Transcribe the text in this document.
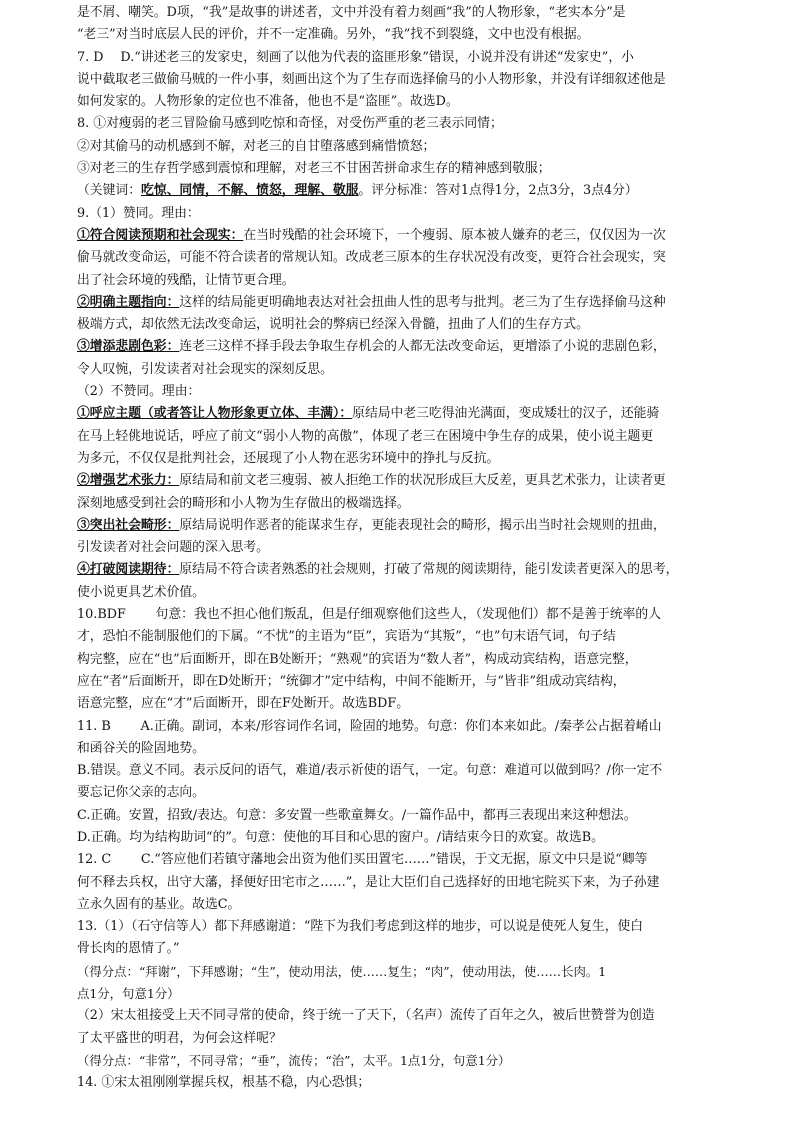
是不屑、嘲笑。D项，“我”是故事的讲述者，文中并没有着力刻画“我”的人物形象，“老实本分”是
“老三”对当时底层人民的评价，并不一定准确。另外，“我”找不到裂缝，文中也没有根据。
7. D　 D.“讲述老三的发家史，刻画了以他为代表的盗匪形象”错误，小说并没有讲述“发家史”，小
说中截取老三做偷马贼的一件小事，刻画出这个为了生存而选择偷马的小人物形象，并没有详细叙述他是
如何发家的。人物形象的定位也不准备，他也不是“盗匪”。故选D。
8. ①对瘦弱的老三冒险偷马感到吃惊和奇怪，对受伤严重的老三表示同情；
②对其偷马的动机感到不解，对老三的自甘堕落感到痛惜愤怒；
③对老三的生存哲学感到震惊和理解，对老三不甘困苦拼命求生存的精神感到敬服；
（关键词：吃惊、同情，不解、愤怒，理解、敬服。评分标准：答对1点得1分，2点3分，3点4分）
9.（1）赞同。理由：
①符合阅读预期和社会现实：在当时残酷的社会环境下，一个瘦弱、原本被人嫌弃的老三，仅仅因为一次
偷马就改变命运，可能不符合读者的常规认知。改成老三原本的生存状况没有改变，更符合社会现实，突
出了社会环境的残酷，让情节更合理。
②明确主题指向：这样的结局能更明确地表达对社会扭曲人性的思考与批判。老三为了生存选择偷马这种
极端方式，却依然无法改变命运，说明社会的弊病已经深入骨髓，扭曲了人们的生存方式。
③增添悲剧色彩：连老三这样不择手段去争取生存机会的人都无法改变命运，更增添了小说的悲剧色彩，
令人叹惋，引发读者对社会现实的深刻反思。
（2）不赞同。理由：
①呼应主题（或者答让人物形象更立体、丰满）：原结局中老三吃得油光满面，变成矮壮的汉子，还能骑
在马上轻佻地说话，呼应了前文“弱小人物的高傲”，体现了老三在困境中争生存的成果，使小说主题更
为多元，不仅仅是批判社会，还展现了小人物在恶劣环境中的挣扎与反抗。
②增强艺术张力：原结局和前文老三瘦弱、被人拒绝工作的状况形成巨大反差，更具艺术张力，让读者更
深刻地感受到社会的畸形和小人物为生存做出的极端选择。
③突出社会畸形：原结局说明作恶者的能谋求生存，更能表现社会的畸形，揭示出当时社会规则的扭曲，
引发读者对社会问题的深入思考。
④打破阅读期待：原结局不符合读者熟悉的社会规则，打破了常规的阅读期待，能引发读者更深入的思考，
使小说更具艺术价值。
10.BDF　　 句意：我也不担心他们叛乱，但是仔细观察他们这些人，（发现他们）都不是善于统率的人
才，恐怕不能制服他们的下属。“不忧”的主语为“臣”，宾语为“其叛”，“也”句末语气词，句子结
构完整，应在“也”后面断开，即在B处断开；“熟观”的宾语为“数人者”，构成动宾结构，语意完整，
应在“者”后面断开，即在D处断开；“统御才”定中结构，中间不能断开，与“皆非”组成动宾结构，
语意完整，应在“才”后面断开，即在F处断开。故选BDF。
11. B　　 A.正确。副词，本来/形容词作名词，险固的地势。句意：你们本来如此。/秦孝公占据着崤山
和函谷关的险固地势。
B.错误。意义不同。表示反问的语气，难道/表示祈使的语气，一定。句意：难道可以做到吗？/你一定不
要忘记你父亲的志向。
C.正确。安置，招致/表达。句意：多安置一些歌童舞女。/一篇作品中，都再三表现出来这种想法。
D.正确。均为结构助词“的”。句意：使他的耳目和心思的窗户。/请结束今日的欢宴。故选B。
12. C　　 C.“答应他们若镇守藩地会出资为他们买田置宅……”错误，于文无据，原文中只是说“卿等
何不释去兵权，出守大藩，择便好田宅市之……”，是让大臣们自己选择好的田地宅院买下来，为子孙建
立永久固有的基业。故选C。
13.（1）（石守信等人）都下拜感谢道：“陛下为我们考虑到这样的地步，可以说是使死人复生，使白
骨长肉的恩情了。”
（得分点：“拜谢”，下拜感谢；“生”，使动用法，使……复生；“肉”，使动用法，使……长肉。1
点1分，句意1分）
（2）宋太祖接受上天不同寻常的使命，终于统一了天下，（名声）流传了百年之久，被后世赞誉为创造
了太平盛世的明君，为何会这样呢？
（得分点：“非常”，不同寻常；“垂”，流传；“治”，太平。1点1分，句意1分）
14. ①宋太祖刚刚掌握兵权，根基不稳，内心恐惧；
